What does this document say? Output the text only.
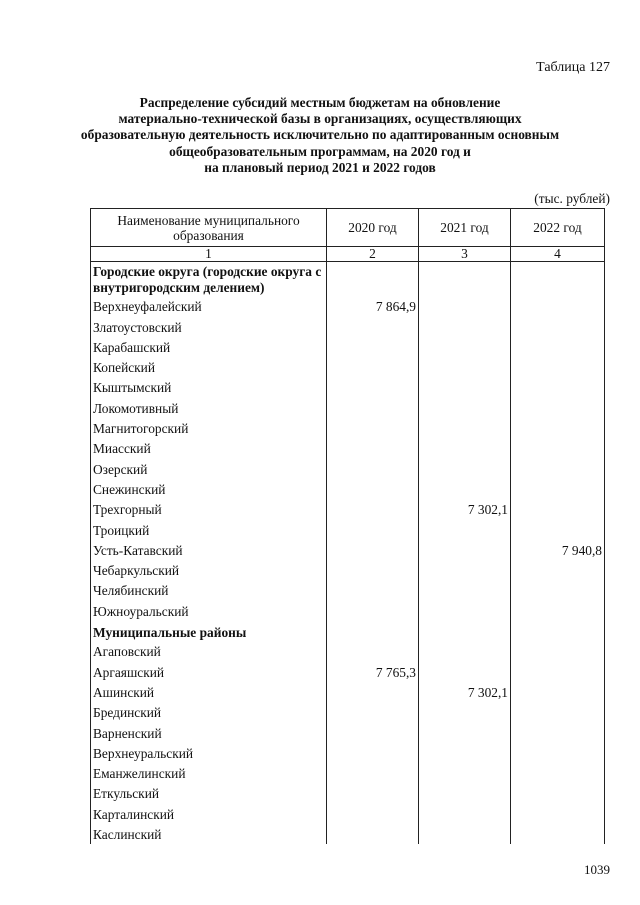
Таблица 127
Распределение субсидий местным бюджетам на обновление
материально-технической базы в организациях, осуществляющих
образовательную деятельность исключительно по адаптированным основным
общеобразовательным программам, на 2020 год и
на плановый период 2021 и 2022 годов
(тыс. рублей)
Наименование муниципального образования	2020 год	2021 год	2022 год
1	2	3	4
Городские округа (городские округа с внутригородским делением)			
Верхнеуфалейский	7 864,9		
Златоустовский			
Карабашский			
Копейский			
Кыштымский			
Локомотивный			
Магнитогорский			
Миасский			
Озерский			
Снежинский			
Трехгорный		7 302,1	
Троицкий			
Усть-Катавский			7 940,8
Чебаркульский			
Челябинский			
Южноуральский			
Муниципальные районы			
Агаповский			
Аргаяшский	7 765,3		
Ашинский		7 302,1	
Брединский			
Варненский			
Верхнеуральский			
Еманжелинский			
Еткульский			
Карталинский			
Каслинский			
1039
